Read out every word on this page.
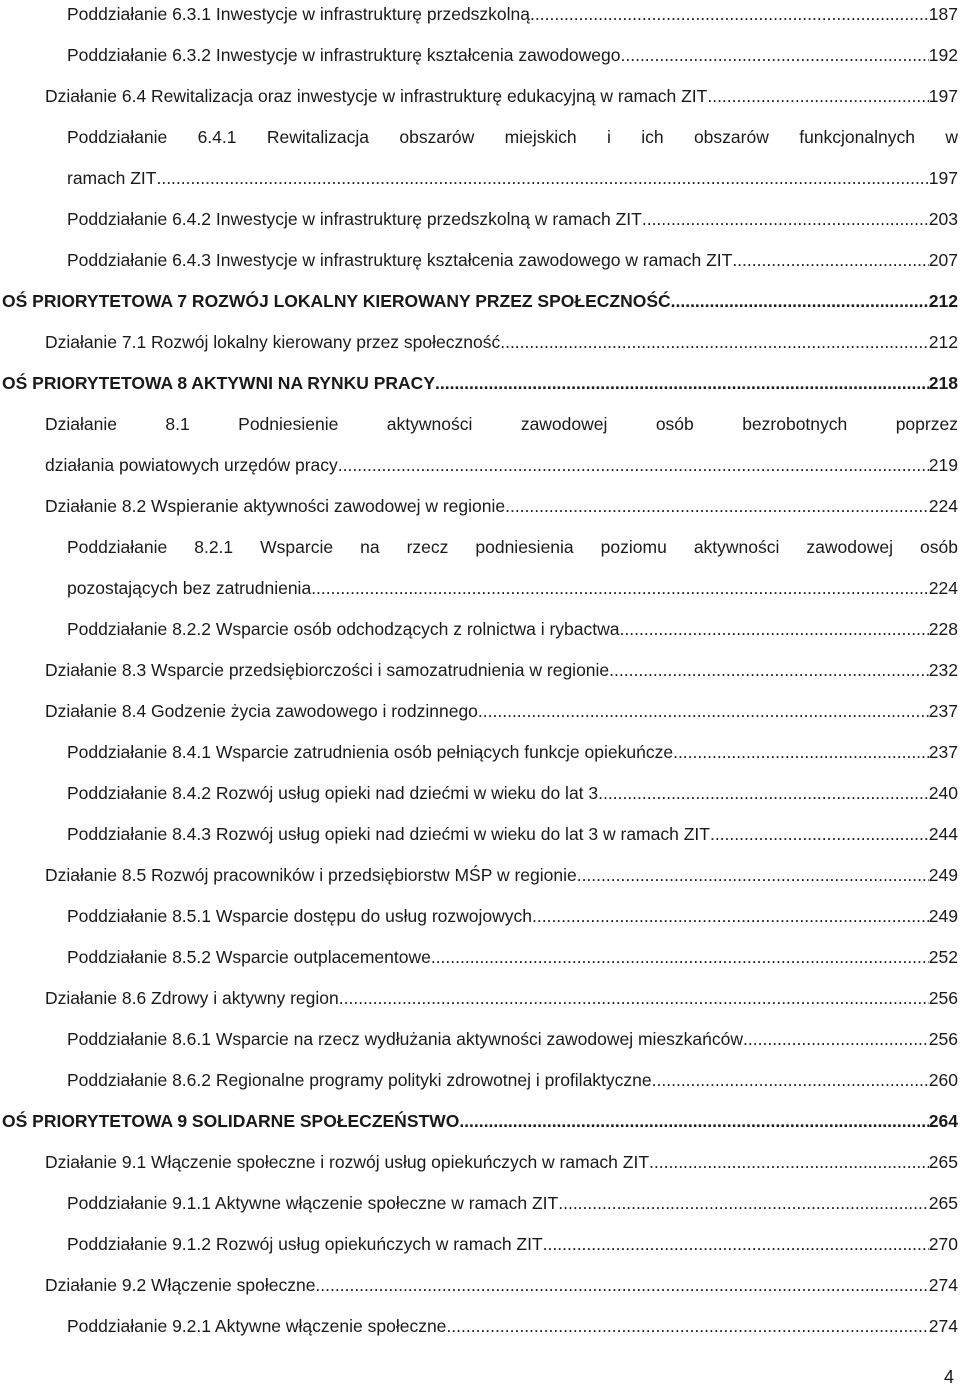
Poddziałanie 6.3.1 Inwestycje w infrastrukturę przedszkolną .....	187
Poddziałanie 6.3.2 Inwestycje w infrastrukturę kształcenia zawodowego .....	192
Działanie 6.4 Rewitalizacja oraz inwestycje w infrastrukturę edukacyjną w ramach ZIT .....	197
Poddziałanie 6.4.1 Rewitalizacja obszarów miejskich i ich obszarów funkcjonalnych w
ramach ZIT .....	197
Poddziałanie 6.4.2 Inwestycje w infrastrukturę przedszkolną w ramach ZIT .....	203
Poddziałanie 6.4.3 Inwestycje w infrastrukturę kształcenia zawodowego w ramach ZIT .....	207
OŚ PRIORYTETOWA 7 ROZWÓJ LOKALNY KIEROWANY PRZEZ SPOŁECZNOŚĆ .....	212
Działanie 7.1 Rozwój lokalny kierowany przez społeczność .....	212
OŚ PRIORYTETOWA 8 AKTYWNI NA RYNKU PRACY .....	218
Działanie	8.1	Podniesienie	aktywności	zawodowej	osób	bezrobotnych	poprzez
działania powiatowych urzędów pracy .....	219
Działanie 8.2 Wspieranie aktywności zawodowej w regionie .....	224
Poddziałanie 8.2.1 Wsparcie na rzecz podniesienia poziomu aktywności zawodowej osób
pozostających bez zatrudnienia .....	224
Poddziałanie 8.2.2 Wsparcie osób odchodzących z rolnictwa i rybactwa .....	228
Działanie 8.3 Wsparcie przedsiębiorczości i samozatrudnienia w regionie .....	232
Działanie 8.4 Godzenie życia zawodowego i rodzinnego .....	237
Poddziałanie 8.4.1 Wsparcie zatrudnienia osób pełniących funkcje opiekuńcze .....	237
Poddziałanie 8.4.2 Rozwój usług opieki nad dziećmi w wieku do lat 3 .....	240
Poddziałanie 8.4.3 Rozwój usług opieki nad dziećmi w wieku do lat 3 w ramach ZIT .....	244
Działanie 8.5 Rozwój pracowników i przedsiębiorstw MŚP w regionie .....	249
Poddziałanie 8.5.1 Wsparcie dostępu do usług rozwojowych .....	249
Poddziałanie 8.5.2 Wsparcie outplacementowe .....	252
Działanie 8.6 Zdrowy i aktywny region .....	256
Poddziałanie 8.6.1 Wsparcie na rzecz wydłużania aktywności zawodowej mieszkańców .....	256
Poddziałanie 8.6.2 Regionalne programy polityki zdrowotnej i profilaktyczne .....	260
OŚ PRIORYTETOWA 9 SOLIDARNE SPOŁECZEŃSTWO .....	264
Działanie 9.1 Włączenie społeczne i rozwój usług opiekuńczych w ramach ZIT .....	265
Poddziałanie 9.1.1 Aktywne włączenie społeczne w ramach ZIT .....	265
Poddziałanie 9.1.2 Rozwój usług opiekuńczych w ramach ZIT .....	270
Działanie 9.2 Włączenie społeczne .....	274
Poddziałanie 9.2.1 Aktywne włączenie społeczne .....	274
4
